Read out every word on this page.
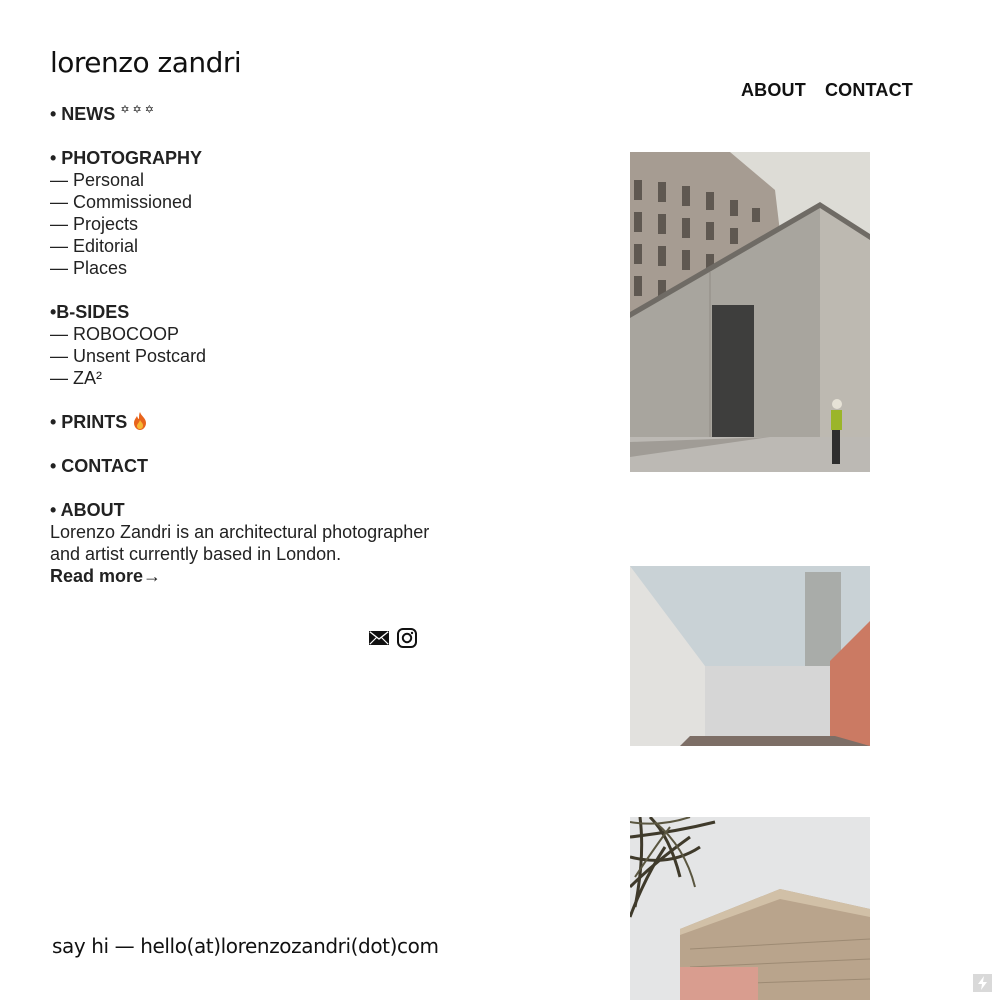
lorenzo zandri
ABOUT CONTACT
• NEWS ✡✡✡
• PHOTOGRAPHY
— Personal
— Commissioned
— Projects
— Editorial
— Places
•B-SIDES
— ROBOCOOP
— Unsent Postcard
— ZA²
• PRINTS
• CONTACT
• ABOUT
Lorenzo Zandri is an architectural photographer
and artist currently based in London.
Read more→
say hi — hello(at)lorenzozandri(dot)com
